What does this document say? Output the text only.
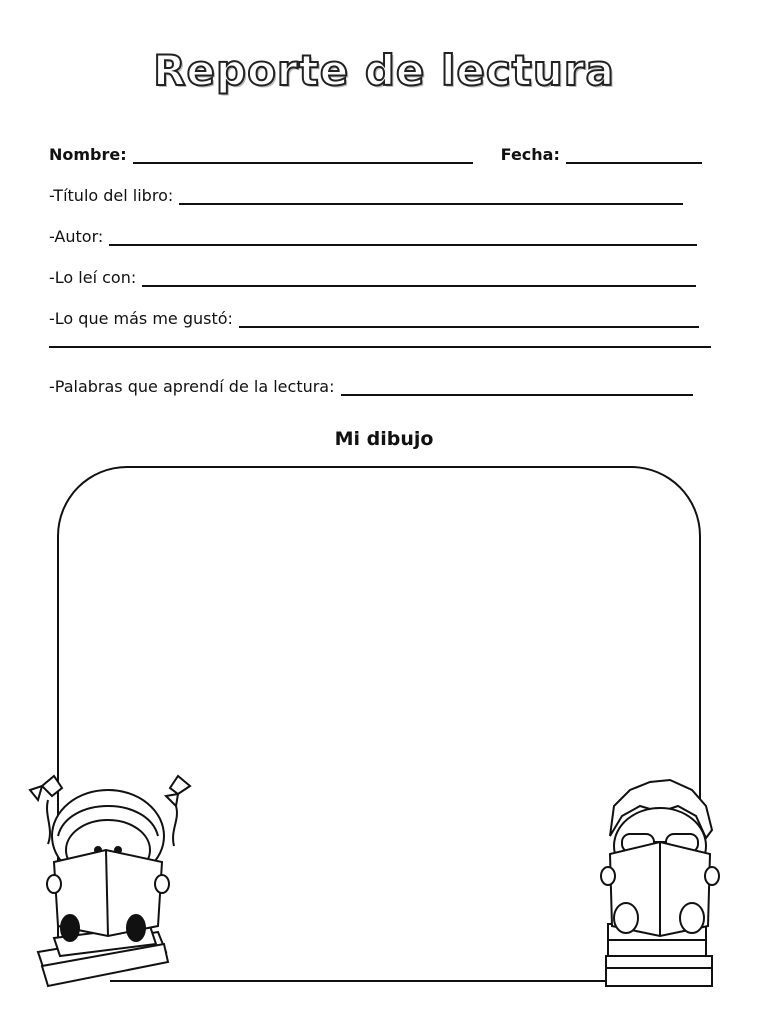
Reporte de lectura
Nombre:	Fecha:
-Título del libro:
-Autor:
-Lo leí con:
-Lo que más me gustó:
-Palabras que aprendí de la lectura:
Mi dibujo
